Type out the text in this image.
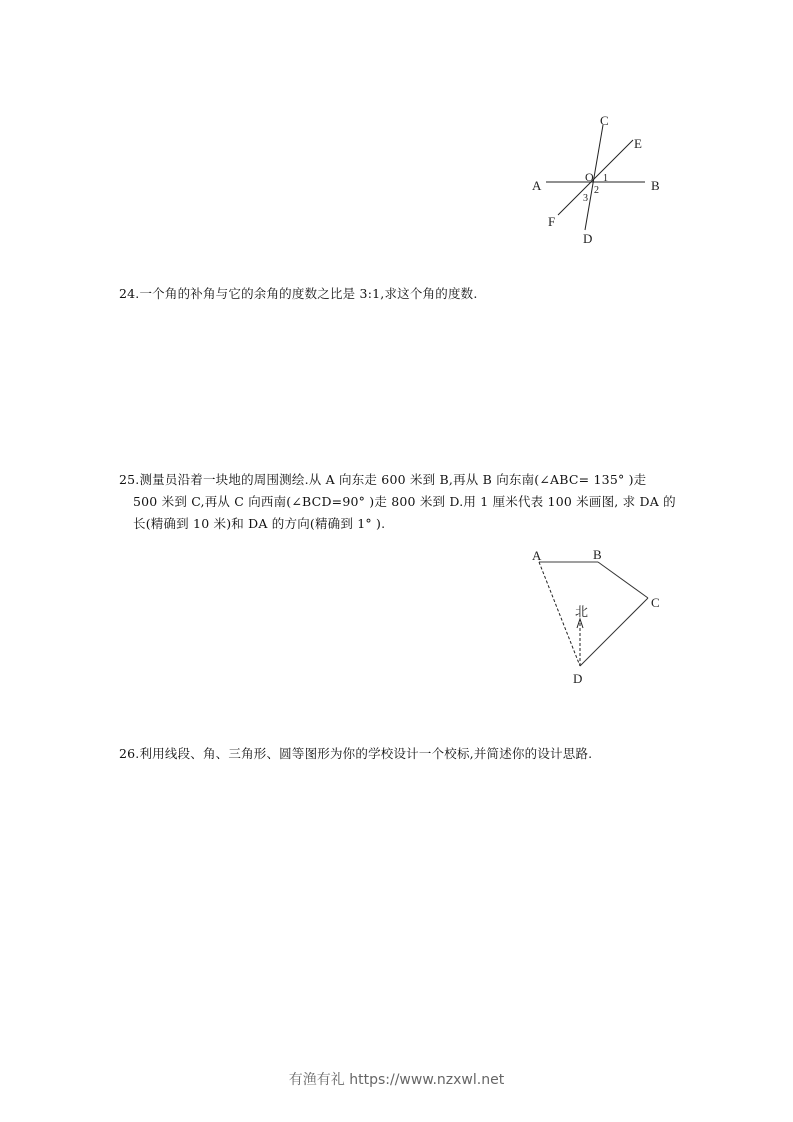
A	B
C
D
E
F
O 1
2
3
24.一个角的补角与它的余角的度数之比是 3:1,求这个角的度数.
25.测量员沿着一块地的周围测绘.从 A 向东走 600 米到 B,再从 B 向东南(∠ABC= 135° )走
500 米到 C,再从 C 向西南(∠BCD=90° )走 800 米到 D.用 1 厘米代表 100 米画图, 求 DA 的
长(精确到 10 米)和 DA 的方向(精确到 1° ).
A	B
C
D
北
26.利用线段、角、三角形、圆等图形为你的学校设计一个校标,并简述你的设计思路.
有渔有礼 https://www.nzxwl.net
